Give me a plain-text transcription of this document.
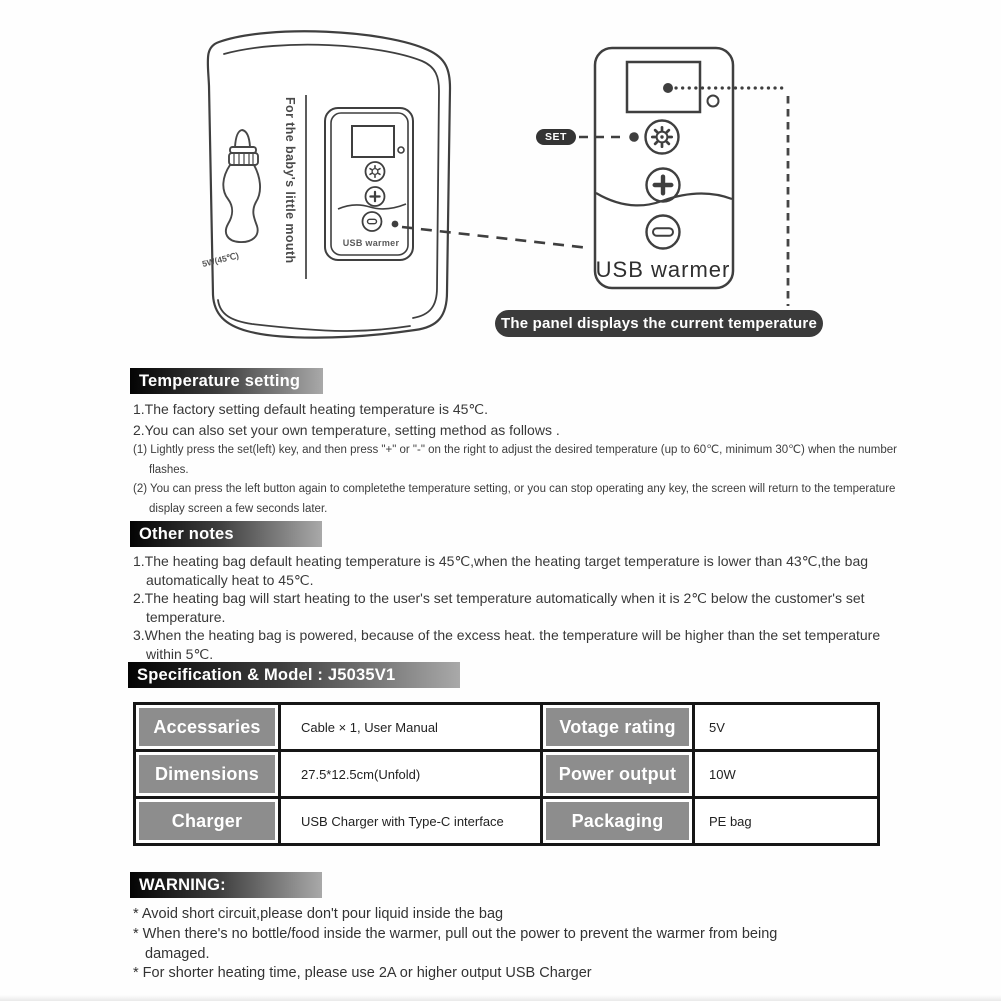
For the baby's little mouth
5W(45℃)
USB warmer
USB warmer
SET
The panel displays the current temperature
Temperature setting
1.The factory setting default heating temperature is 45℃.
2.You can also set your own temperature, setting method as follows .
(1) Lightly press the set(left) key, and then press "+" or "-" on the right to adjust the desired temperature (up to 60℃, minimum 30℃) when the number flashes.
(2) You can press the left button again to completethe temperature setting, or you can stop operating any key, the screen will return to the temperature display screen a few seconds later.
Other notes
1.The heating bag default heating temperature is 45℃,when the heating target temperature is lower than 43℃,the bag automatically heat to 45℃.
2.The heating bag will start heating to the user's set temperature automatically when it is 2℃ below the customer's set temperature.
3.When the heating bag is powered, because of the excess heat. the temperature will be higher than the set temperature within 5℃.
Specification & Model : J5035V1
Accessaries	Cable × 1, User Manual	Votage rating	5V
Dimensions	27.5*12.5cm(Unfold)	Power output	10W
Charger	USB Charger with Type-C interface	Packaging	PE bag
WARNING:
* Avoid short circuit,please don't pour liquid inside the bag
* When there's no bottle/food inside the warmer, pull out the power to prevent the warmer from being damaged.
* For shorter heating time, please use 2A or higher output USB Charger
